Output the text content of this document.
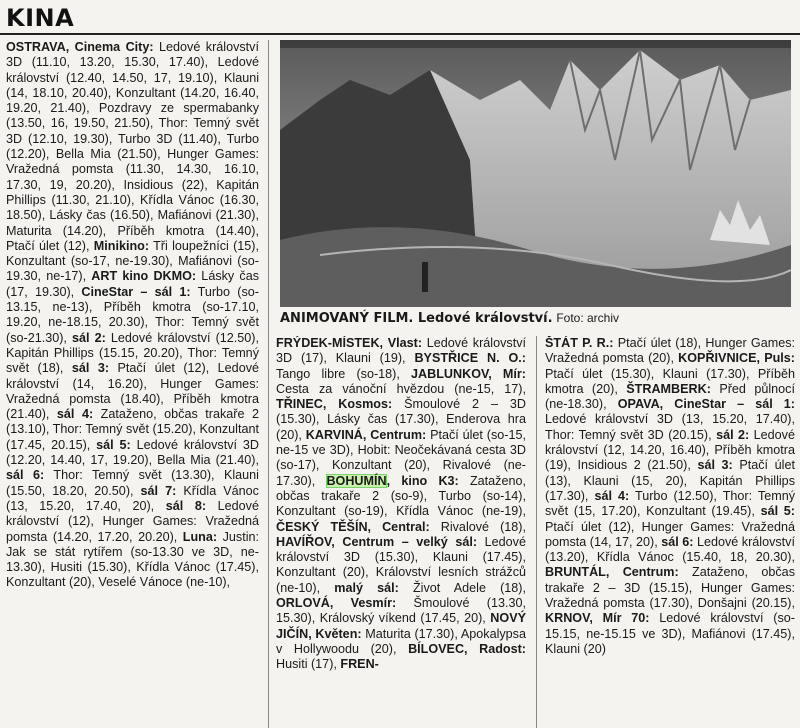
KINA

OSTRAVA, Cinema City: Ledové království 3D (11.10, 13.20, 15.30, 17.40), Ledové království (12.40, 14.50, 17, 19.10), Klauni (14, 18.10, 20.40), Konzultant (14.20, 16.40, 19.20, 21.40), Pozdravy ze spermabanky (13.50, 16, 19.50, 21.50), Thor: Temný svět 3D (12.10, 19.30), Turbo 3D (11.40), Turbo (12.20), Bella Mia (21.50), Hunger Games: Vražedná pomsta (11.30, 14.30, 16.10, 17.30, 19, 20.20), Insidious (22), Kapitán Phillips (11.30, 21.10), Křídla Vánoc (16.30, 18.50), Lásky čas (16.50), Mafiánovi (21.30), Maturita (14.20), Příběh kmotra (14.40), Ptačí úlet (12), Minikino: Tři loupežníci (15), Konzultant (so-17, ne-19.30), Mafiánovi (so-19.30, ne-17), ART kino DKMO: Lásky čas (17, 19.30), CineStar – sál 1: Turbo (so-13.15, ne-13), Příběh kmotra (so-17.10, 19.20, ne-18.15, 20.30), Thor: Temný svět (so-21.30), sál 2: Ledové království (12.50), Kapitán Phillips (15.15, 20.20), Thor: Temný svět (18), sál 3: Ptačí úlet (12), Ledové království (14, 16.20), Hunger Games: Vražedná pomsta (18.40), Příběh kmotra (21.40), sál 4: Zataženo, občas trakaře 2 (13.10), Thor: Temný svět (15.20), Konzultant (17.45, 20.15), sál 5: Ledové království 3D (12.20, 14.40, 17, 19.20), Bella Mia (21.40), sál 6: Thor: Temný svět (13.30), Klauni (15.50, 18.20, 20.50), sál 7: Křídla Vánoc (13, 15.20, 17.40, 20), sál 8: Ledové království (12), Hunger Games: Vražedná pomsta (14.20, 17.20, 20.20), Luna: Justin: Jak se stát rytířem (so-13.30 ve 3D, ne-13.30), Husiti (15.30), Křídla Vánoc (17.45), Konzultant (20), Veselé Vánoce (ne-10),

ANIMOVANÝ FILM. Ledové království. Foto: archiv

FRÝDEK-MÍSTEK, Vlast: Ledové království 3D (17), Klauni (19), BYSTŘICE N. O.: Tango libre (so-18), JABLUNKOV, Mír: Cesta za vánoční hvězdou (ne-15, 17), TŘINEC, Kosmos: Šmoulové 2 – 3D (15.30), Lásky čas (17.30), Enderova hra (20), KARVINÁ, Centrum: Ptačí úlet (so-15, ne-15 ve 3D), Hobit: Neočekávaná cesta 3D (so-17), Konzultant (20), Rivalové (ne-17.30), BOHUMÍN, kino K3: Zataženo, občas trakaře 2 (so-9), Turbo (so-14), Konzultant (so-19), Křídla Vánoc (ne-19), ČESKÝ TĚŠÍN, Central: Rivalové (18), HAVÍŘOV, Centrum – velký sál: Ledové království 3D (15.30), Klauni (17.45), Konzultant (20), Království lesních strážců (ne-10), malý sál: Život Adele (18), ORLOVÁ, Vesmír: Šmoulové (13.30, 15.30), Královský víkend (17.45, 20), NOVÝ JIČÍN, Květen: Maturita (17.30), Apokalypsa v Hollywoodu (20), BÍLOVEC, Radost: Husiti (17), FREN-

ŠTÁT P. R.: Ptačí úlet (18), Hunger Games: Vražedná pomsta (20), KOPŘIVNICE, Puls: Ptačí úlet (15.30), Klauni (17.30), Příběh kmotra (20), ŠTRAMBERK: Před půlnocí (ne-18.30), OPAVA, CineStar – sál 1: Ledové království 3D (13, 15.20, 17.40), Thor: Temný svět 3D (20.15), sál 2: Ledové království (12, 14.20, 16.40), Příběh kmotra (19), Insidious 2 (21.50), sál 3: Ptačí úlet (13), Klauni (15, 20), Kapitán Phillips (17.30), sál 4: Turbo (12.50), Thor: Temný svět (15, 17.20), Konzultant (19.45), sál 5: Ptačí úlet (12), Hunger Games: Vražedná pomsta (14, 17, 20), sál 6: Ledové království (13.20), Křídla Vánoc (15.40, 18, 20.30), BRUNTÁL, Centrum: Zataženo, občas trakaře 2 – 3D (15.15), Hunger Games: Vražedná pomsta (17.30), Donšajni (20.15), KRNOV, Mír 70: Ledové království (so-15.15, ne-15.15 ve 3D), Mafiánovi (17.45), Klauni (20)
